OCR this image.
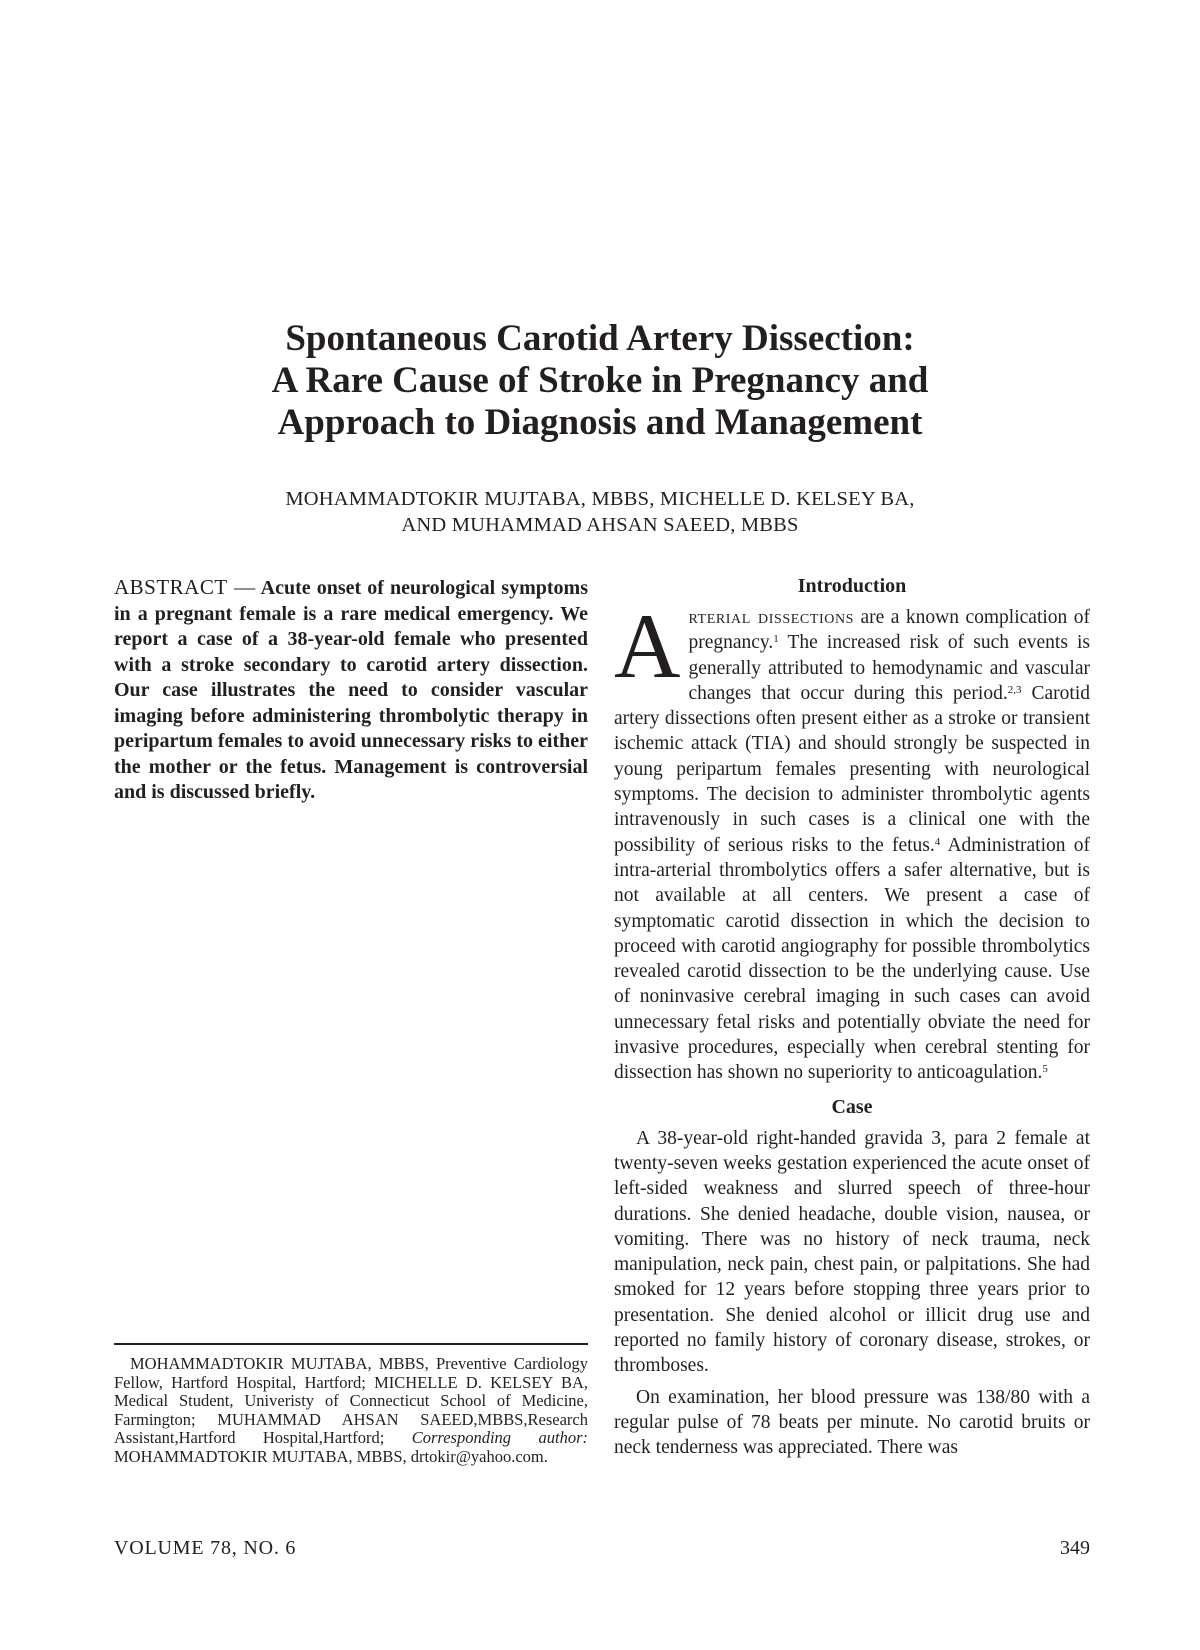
Spontaneous Carotid Artery Dissection:
A Rare Cause of Stroke in Pregnancy and
Approach to Diagnosis and Management
MOHAMMADTOKIR MUJTABA, MBBS, MICHELLE D. KELSEY BA,
AND MUHAMMAD AHSAN SAEED, MBBS
ABSTRACT — Acute onset of neurological symptoms in a pregnant female is a rare medical emergency. We report a case of a 38-year-old female who presented with a stroke secondary to carotid artery dissection. Our case illustrates the need to consider vascular imaging before administering thrombolytic therapy in peripartum females to avoid unnecessary risks to either the mother or the fetus. Management is controversial and is discussed briefly.
MOHAMMADTOKIR MUJTABA, MBBS, Preventive Cardiology Fellow, Hartford Hospital, Hartford; MICHELLE D. KELSEY BA, Medical Student, Univeristy of Connecticut School of Medicine, Farmington; MUHAMMAD AHSAN SAEED,MBBS,Research Assistant,Hartford Hospital,Hartford; Corresponding author: MOHAMMADTOKIR MUJTABA, MBBS, drtokir@yahoo.com.
Introduction

Arterial dissections are a known complication of pregnancy.$^1$ The increased risk of such events is generally attributed to hemodynamic and vascular changes that occur during this period.$^{2,3}$ Carotid artery dissections often present either as a stroke or transient ischemic attack (TIA) and should strongly be suspected in young peripartum females presenting with neurological symptoms. The decision to administer thrombolytic agents intravenously in such cases is a clinical one with the possibility of serious risks to the fetus.$^4$ Administration of intra-arterial thrombolytics offers a safer alternative, but is not available at all centers. We present a case of symptomatic carotid dissection in which the decision to proceed with carotid angiography for possible thrombolytics revealed carotid dissection to be the underlying cause. Use of noninvasive cerebral imaging in such cases can avoid unnecessary fetal risks and potentially obviate the need for invasive procedures, especially when cerebral stenting for dissection has shown no superiority to anticoagulation.$^5$

Case

A 38-year-old right-handed gravida 3, para 2 female at twenty-seven weeks gestation experienced the acute onset of left-sided weakness and slurred speech of three-hour durations. She denied headache, double vision, nausea, or vomiting. There was no history of neck trauma, neck manipulation, neck pain, chest pain, or palpitations. She had smoked for 12 years before stopping three years prior to presentation. She denied alcohol or illicit drug use and reported no family history of coronary disease, strokes, or thromboses.

On examination, her blood pressure was 138/80 with a regular pulse of 78 beats per minute. No carotid bruits or neck tenderness was appreciated. There was

VOLUME 78, NO. 6	349
